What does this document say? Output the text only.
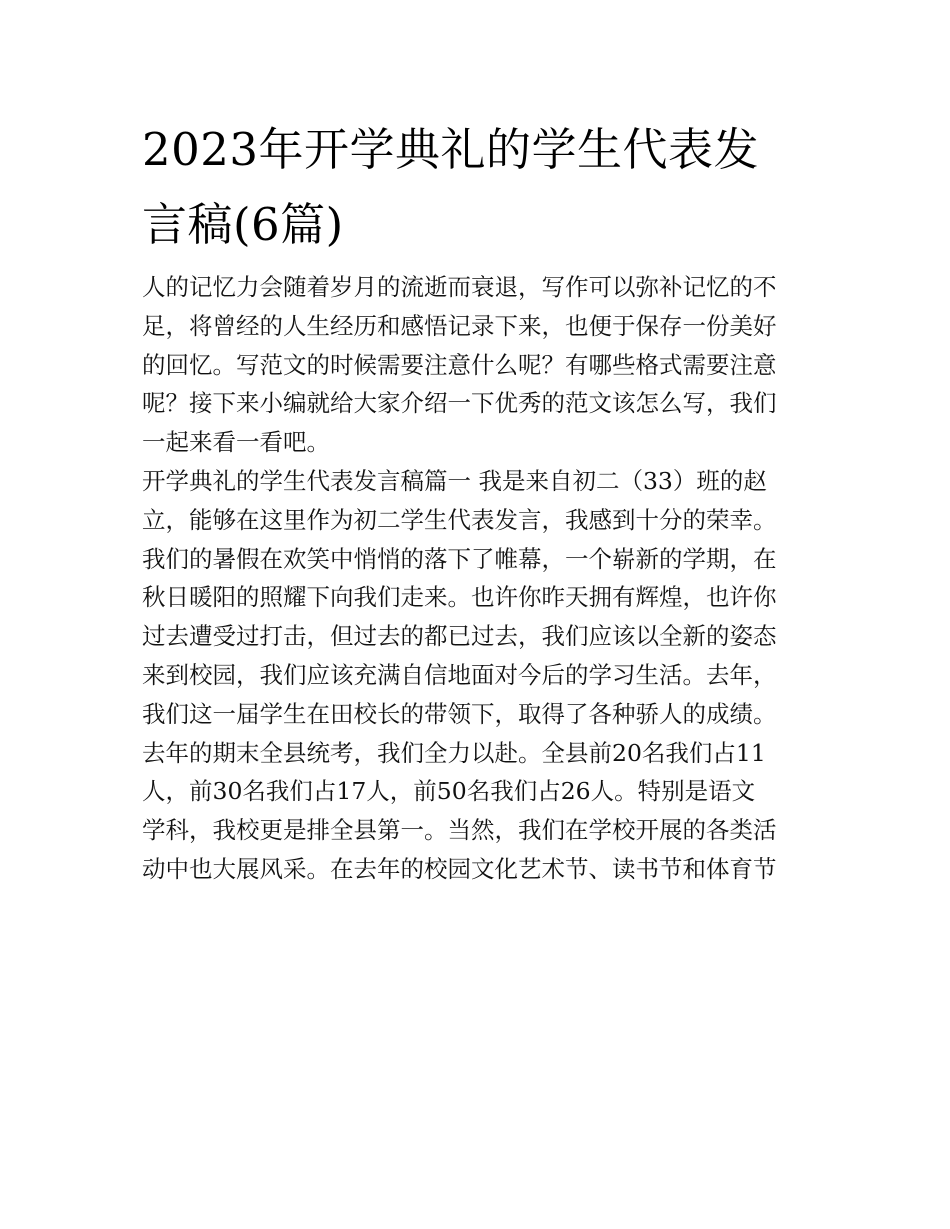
2023年开学典礼的学生代表发
言稿(6篇)
人的记忆力会随着岁月的流逝而衰退，写作可以弥补记忆的不
足，将曾经的人生经历和感悟记录下来，也便于保存一份美好
的回忆。写范文的时候需要注意什么呢？有哪些格式需要注意
呢？接下来小编就给大家介绍一下优秀的范文该怎么写，我们
一起来看一看吧。
开学典礼的学生代表发言稿篇一 我是来自初二（33）班的赵
立，能够在这里作为初二学生代表发言，我感到十分的荣幸。
我们的暑假在欢笑中悄悄的落下了帷幕，一个崭新的学期，在
秋日暖阳的照耀下向我们走来。也许你昨天拥有辉煌，也许你
过去遭受过打击，但过去的都已过去，我们应该以全新的姿态
来到校园，我们应该充满自信地面对今后的学习生活。去年，
我们这一届学生在田校长的带领下，取得了各种骄人的成绩。
去年的期末全县统考，我们全力以赴。全县前20名我们占11
人，前30名我们占17人，前50名我们占26人。特别是语文
学科，我校更是排全县第一。当然，我们在学校开展的各类活
动中也大展风采。在去年的校园文化艺术节、读书节和体育节
